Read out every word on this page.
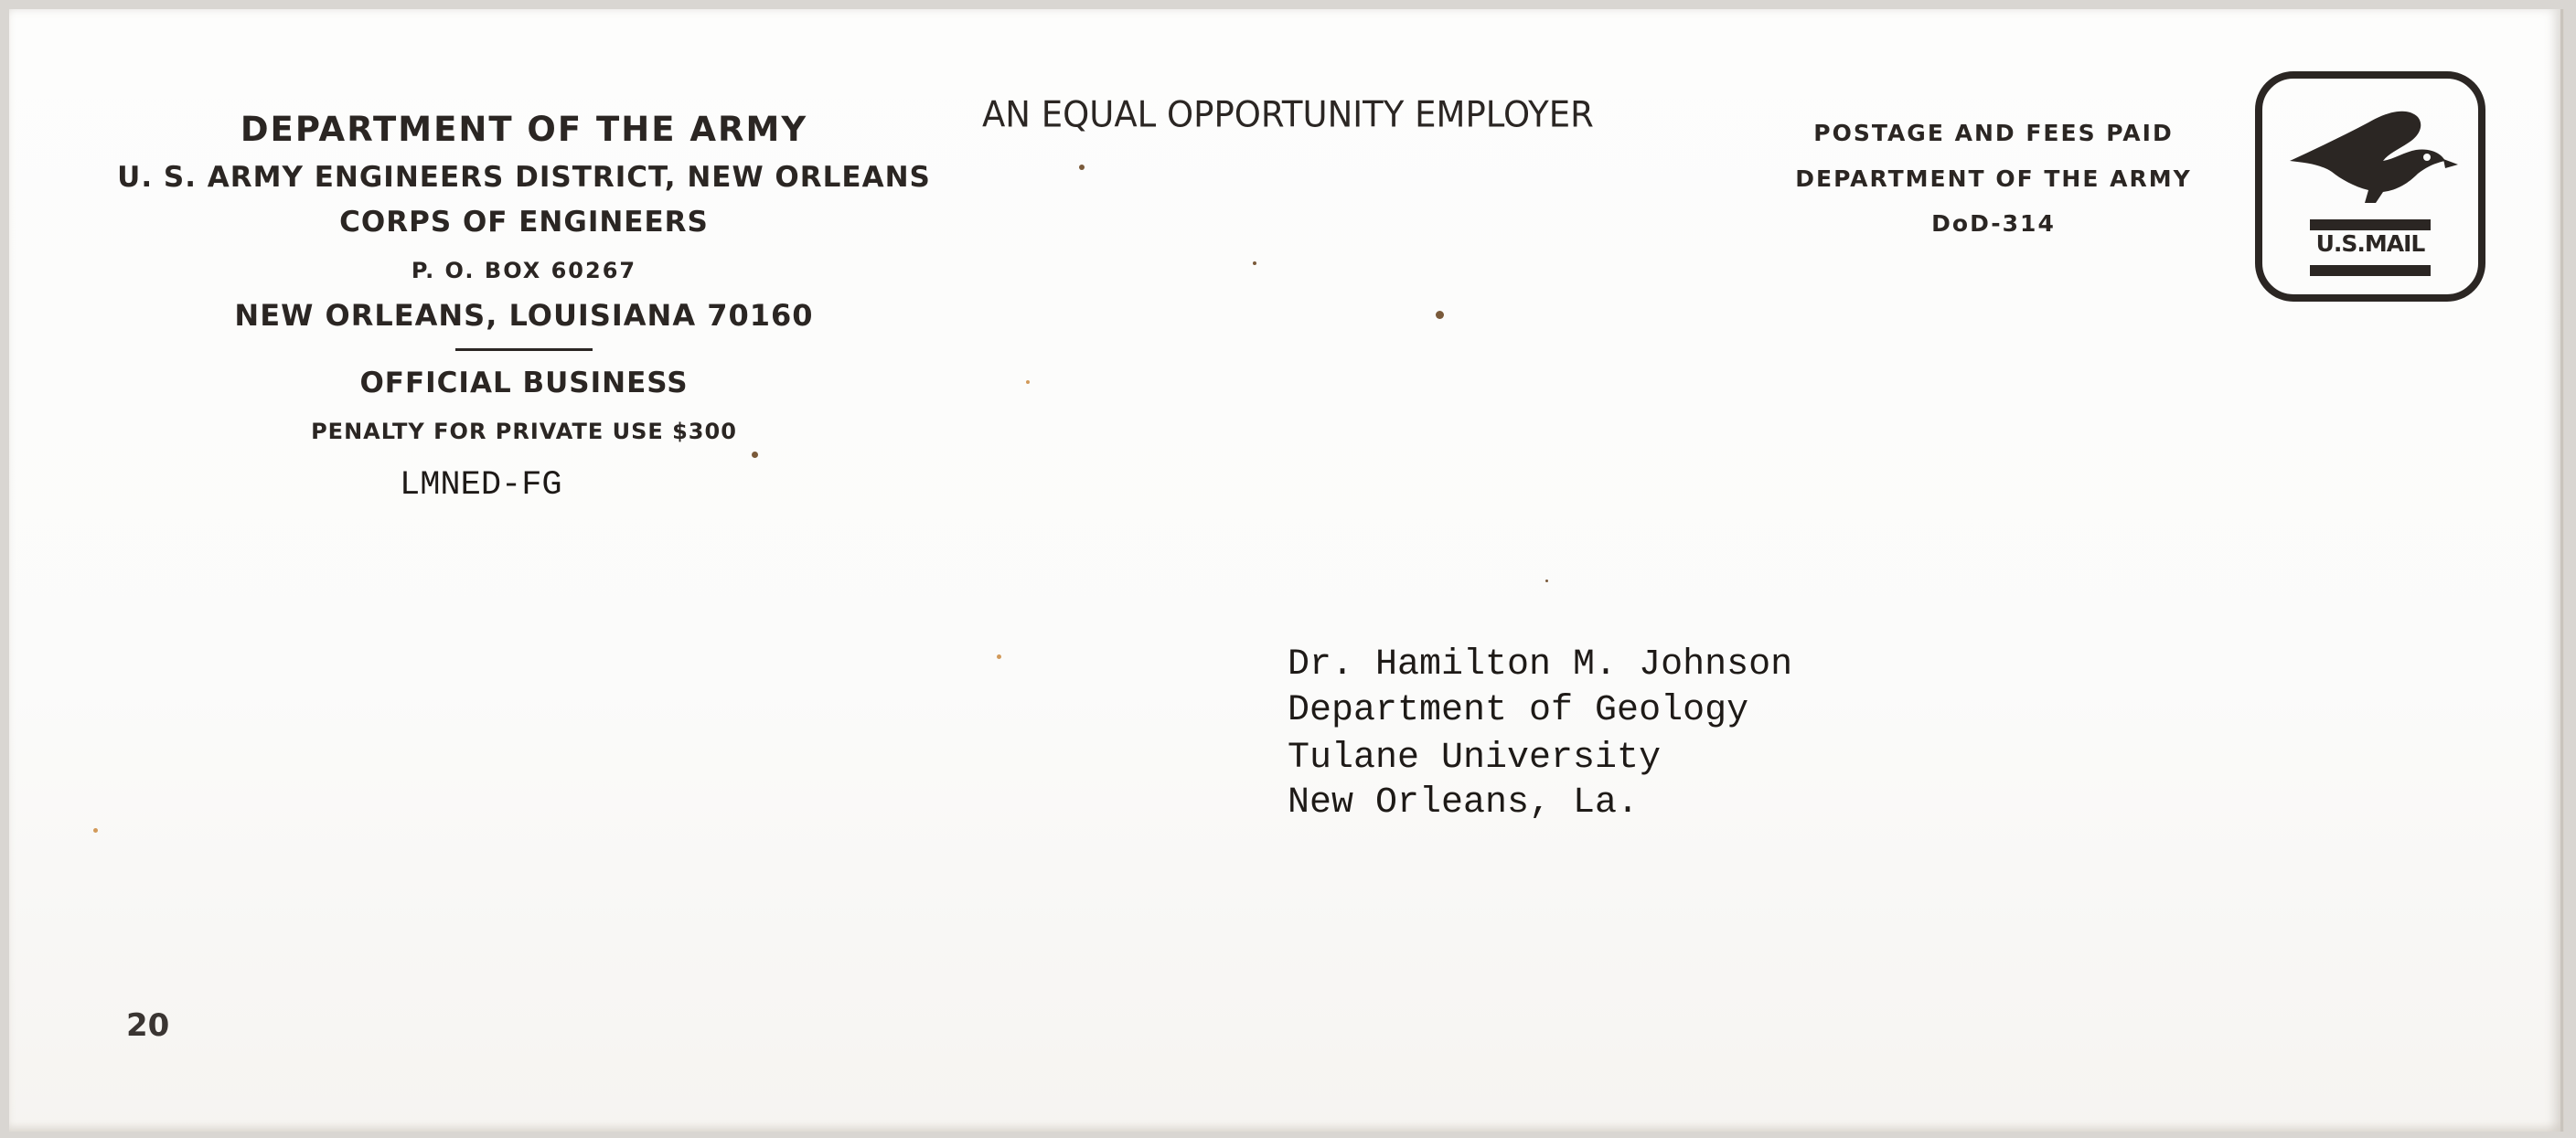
DEPARTMENT OF THE ARMY
U. S. ARMY ENGINEERS DISTRICT, NEW ORLEANS
CORPS OF ENGINEERS
P. O. BOX 60267
NEW ORLEANS, LOUISIANA 70160
OFFICIAL BUSINESS
PENALTY FOR PRIVATE USE $300
LMNED-FG
AN EQUAL OPPORTUNITY EMPLOYER	POSTAGE AND FEES PAID
DEPARTMENT OF THE ARMY
DoD-314
U.S.MAIL
Dr. Hamilton M. Johnson
Department of Geology
Tulane University
New Orleans, La.
20
